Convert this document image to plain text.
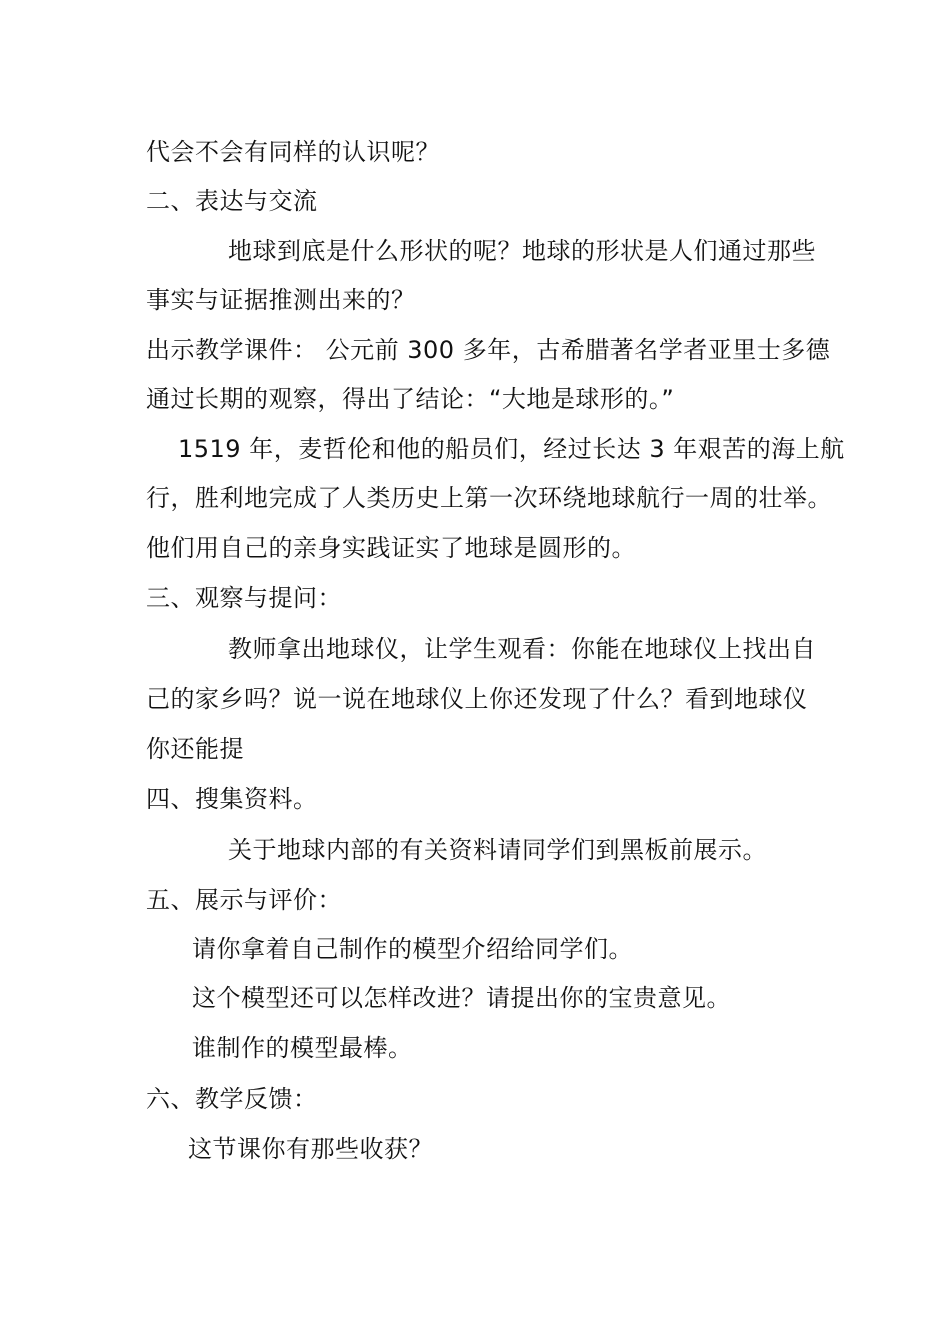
代会不会有同样的认识呢？
二、表达与交流
地球到底是什么形状的呢？地球的形状是人们通过那些
事实与证据推测出来的？
出示教学课件： 公元前 300 多年，古希腊著名学者亚里士多德
通过长期的观察，得出了结论：“大地是球形的。”
1519 年，麦哲伦和他的船员们，经过长达 3 年艰苦的海上航
行，胜利地完成了人类历史上第一次环绕地球航行一周的壮举。
他们用自己的亲身实践证实了地球是圆形的。
三、观察与提问：
教师拿出地球仪，让学生观看：你能在地球仪上找出自
己的家乡吗？说一说在地球仪上你还发现了什么？看到地球仪
你还能提
四、搜集资料。
关于地球内部的有关资料请同学们到黑板前展示。
五、展示与评价：
请你拿着自己制作的模型介绍给同学们。
这个模型还可以怎样改进？请提出你的宝贵意见。
谁制作的模型最棒。
六、教学反馈：
这节课你有那些收获？
